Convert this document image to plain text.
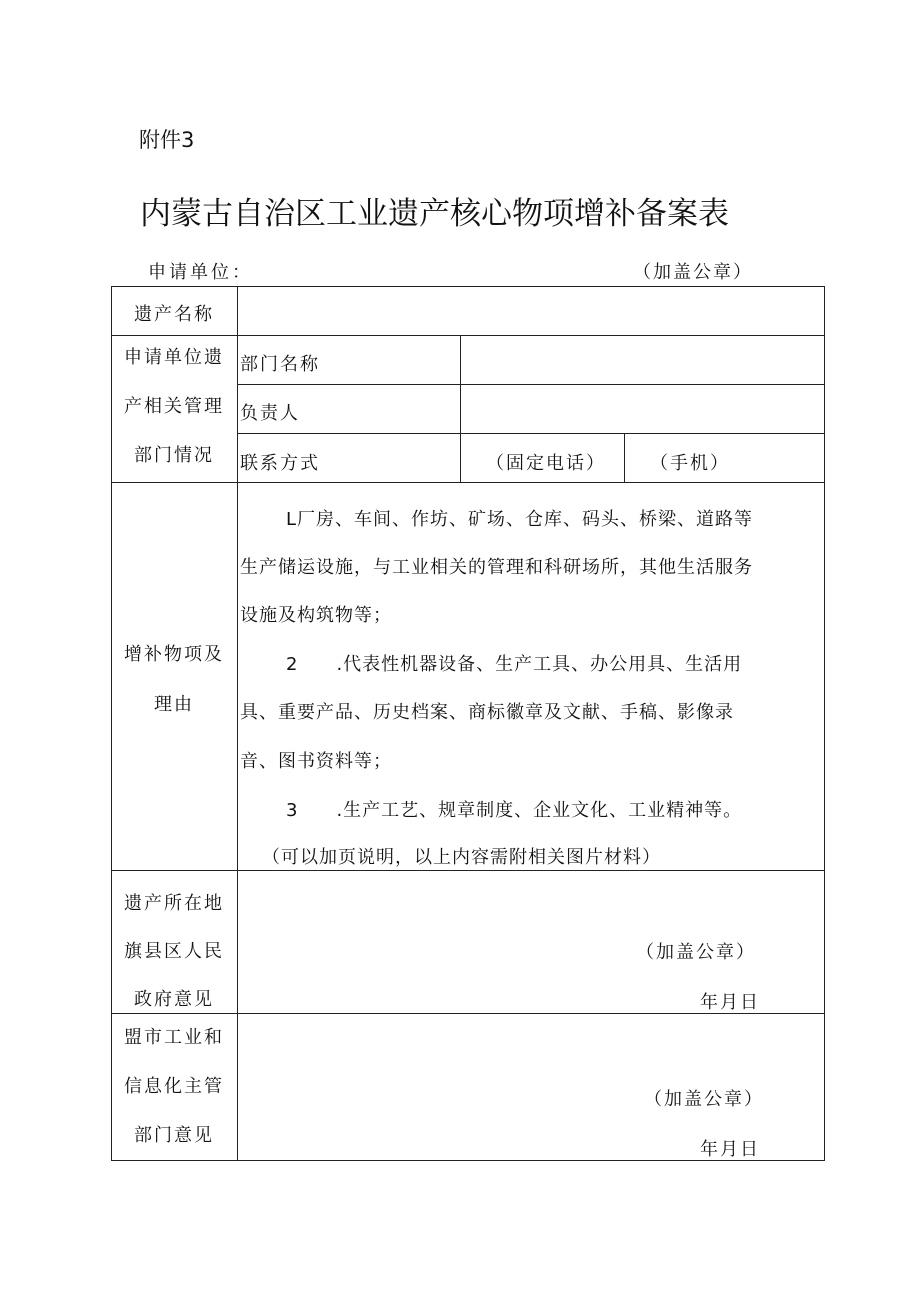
附件3
内蒙古自治区工业遗产核心物项增补备案表
申请单位：	（加盖公章）
遗产名称
申请单位遗
产相关管理
部门情况
部门名称
负责人
联系方式	（固定电话） （手机）
增补物项及
理由
L厂房、车间、作坊、矿场、仓库、码头、桥梁、道路等
生产储运设施，与工业相关的管理和科研场所，其他生活服务
设施及构筑物等；
2　　.代表性机器设备、生产工具、办公用具、生活用
具、重要产品、历史档案、商标徽章及文献、手稿、影像录
音、图书资料等；
3　　.生产工艺、规章制度、企业文化、工业精神等。
（可以加页说明，以上内容需附相关图片材料）
遗产所在地
旗县区人民
政府意见
（加盖公章）
年月日
盟市工业和
信息化主管
部门意见
（加盖公章）
年月日
